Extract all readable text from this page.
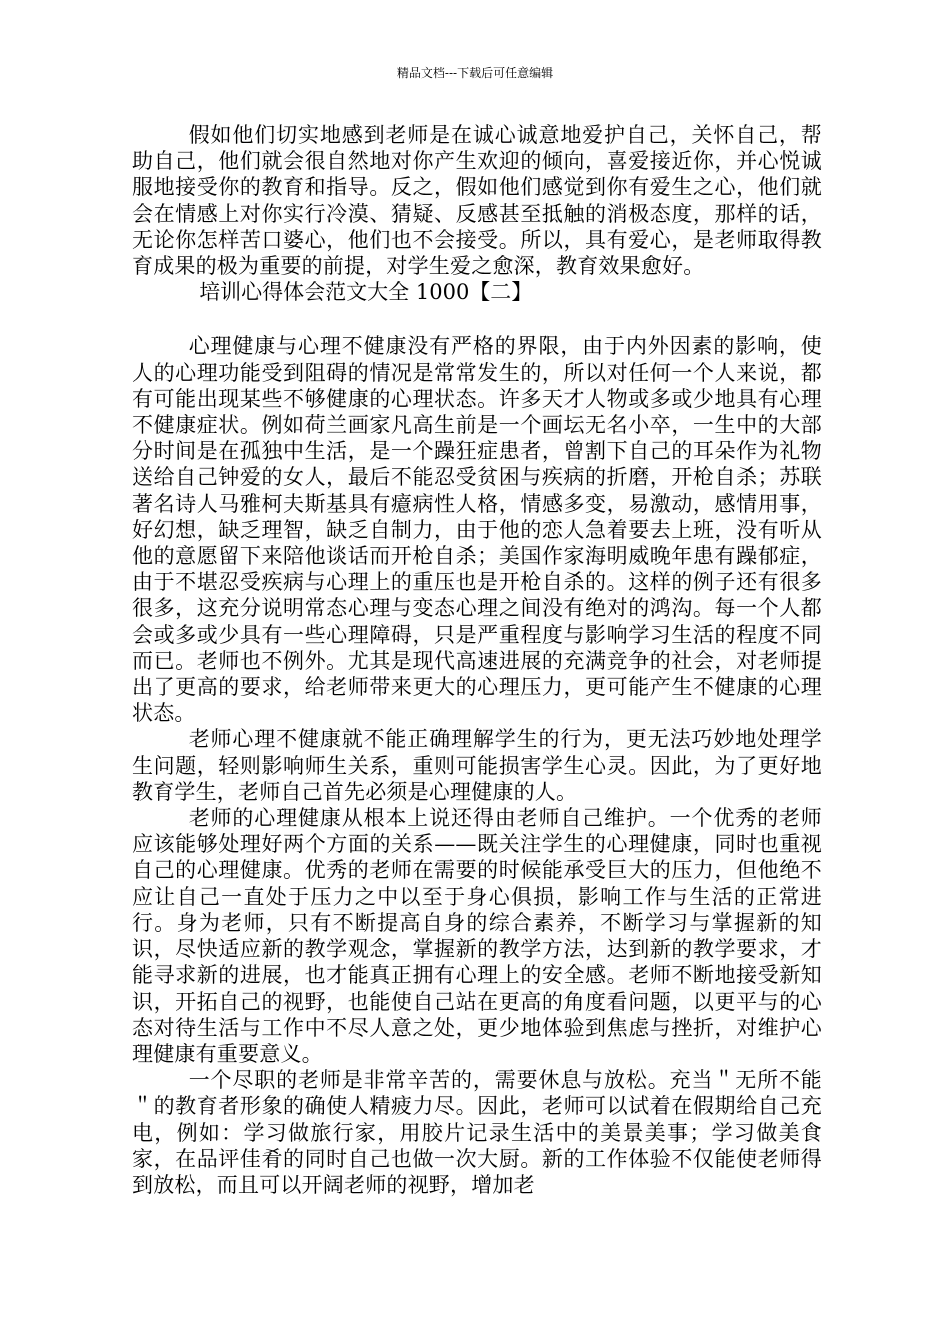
精品文档---下载后可任意编辑

假如他们切实地感到老师是在诚心诚意地爱护自己，关怀自己，帮助自己，他们就会很自然地对你产生欢迎的倾向，喜爱接近你，并心悦诚服地接受你的教育和指导。反之，假如他们感觉到你有爱生之心，他们就会在情感上对你实行冷漠、猜疑、反感甚至抵触的消极态度，那样的话，无论你怎样苦口婆心，他们也不会接受。所以，具有爱心，是老师取得教育成果的极为重要的前提，对学生爱之愈深，教育效果愈好。

培训心得体会范文大全 1000【二】

心理健康与心理不健康没有严格的界限，由于内外因素的影响，使人的心理功能受到阻碍的情况是常常发生的，所以对任何一个人来说，都有可能出现某些不够健康的心理状态。许多天才人物或多或少地具有心理不健康症状。例如荷兰画家凡高生前是一个画坛无名小卒，一生中的大部分时间是在孤独中生活，是一个躁狂症患者，曾割下自己的耳朵作为礼物送给自己钟爱的女人，最后不能忍受贫困与疾病的折磨，开枪自杀；苏联著名诗人马雅柯夫斯基具有癔病性人格，情感多变，易激动，感情用事，好幻想，缺乏理智，缺乏自制力，由于他的恋人急着要去上班，没有听从他的意愿留下来陪他谈话而开枪自杀；美国作家海明威晚年患有躁郁症，由于不堪忍受疾病与心理上的重压也是开枪自杀的。这样的例子还有很多很多，这充分说明常态心理与变态心理之间没有绝对的鸿沟。每一个人都会或多或少具有一些心理障碍，只是严重程度与影响学习生活的程度不同而已。老师也不例外。尤其是现代高速进展的充满竞争的社会，对老师提出了更高的要求，给老师带来更大的心理压力，更可能产生不健康的心理状态。

老师心理不健康就不能正确理解学生的行为，更无法巧妙地处理学生问题，轻则影响师生关系，重则可能损害学生心灵。因此，为了更好地教育学生，老师自己首先必须是心理健康的人。

老师的心理健康从根本上说还得由老师自己维护。一个优秀的老师应该能够处理好两个方面的关系——既关注学生的心理健康，同时也重视自己的心理健康。优秀的老师在需要的时候能承受巨大的压力，但他绝不应让自己一直处于压力之中以至于身心俱损，影响工作与生活的正常进行。身为老师，只有不断提高自身的综合素养，不断学习与掌握新的知识，尽快适应新的教学观念，掌握新的教学方法，达到新的教学要求，才能寻求新的进展，也才能真正拥有心理上的安全感。老师不断地接受新知识，开拓自己的视野，也能使自己站在更高的角度看问题，以更平与的心态对待生活与工作中不尽人意之处，更少地体验到焦虑与挫折，对维护心理健康有重要意义。

一个尽职的老师是非常辛苦的，需要休息与放松。充当＂无所不能＂的教育者形象的确使人精疲力尽。因此，老师可以试着在假期给自己充电，例如：学习做旅行家，用胶片记录生活中的美景美事；学习做美食家，在品评佳肴的同时自己也做一次大厨。新的工作体验不仅能使老师得到放松，而且可以开阔老师的视野，增加老
